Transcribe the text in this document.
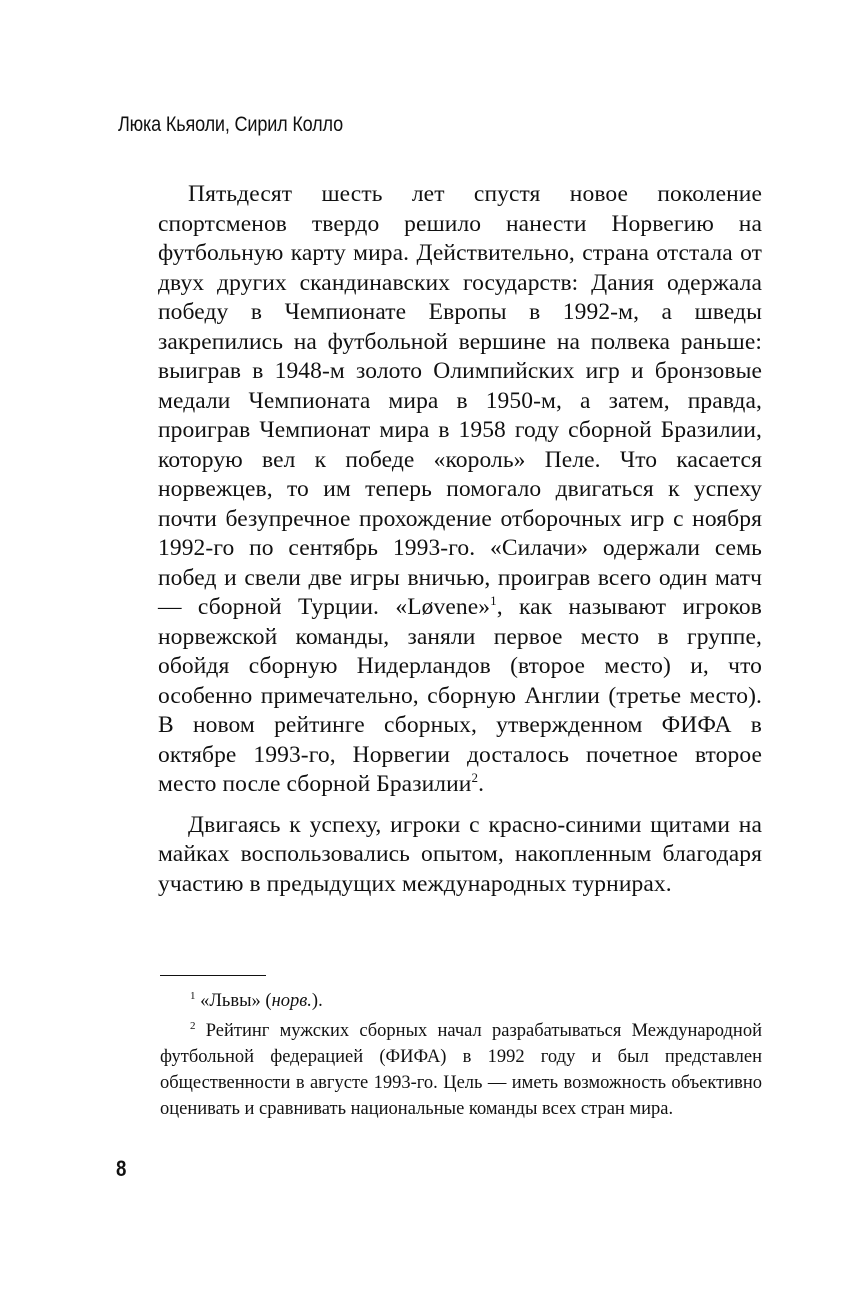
Люка Кьяоли, Сирил Колло

Пятьдесят шесть лет спустя новое поколение спортсменов твердо решило нанести Норвегию на футбольную карту мира. Действительно, страна отстала от двух других скандинавских государств: Дания одержала победу в Чемпионате Европы в 1992-м, а шведы закрепились на футбольной вершине на полвека раньше: выиграв в 1948-м золото Олимпийских игр и бронзовые медали Чемпионата мира в 1950-м, а затем, правда, проиграв Чемпионат мира в 1958 году сборной Бразилии, которую вел к победе «король» Пеле. Что касается норвежцев, то им теперь помогало двигаться к успеху почти безупречное прохождение отборочных игр с ноября 1992-го по сентябрь 1993-го. «Силачи» одержали семь побед и свели две игры вничью, проиграв всего один матч — сборной Турции. «Løvene»$^1$, как называют игроков норвежской команды, заняли первое место в группе, обойдя сборную Нидерландов (второе место) и, что особенно примечательно, сборную Англии (третье место). В новом рейтинге сборных, утвержденном ФИФА в октябре 1993-го, Норвегии досталось почетное второе место после сборной Бразилии$^2$.

Двигаясь к успеху, игроки с красно-синими щитами на майках воспользовались опытом, накопленным благодаря участию в предыдущих международных турнирах.

$^1$ «Львы» (норв.).

$^2$ Рейтинг мужских сборных начал разрабатываться Международной футбольной федерацией (ФИФА) в 1992 году и был представлен общественности в августе 1993-го. Цель — иметь возможность объективно оценивать и сравнивать национальные команды всех стран мира.

8
